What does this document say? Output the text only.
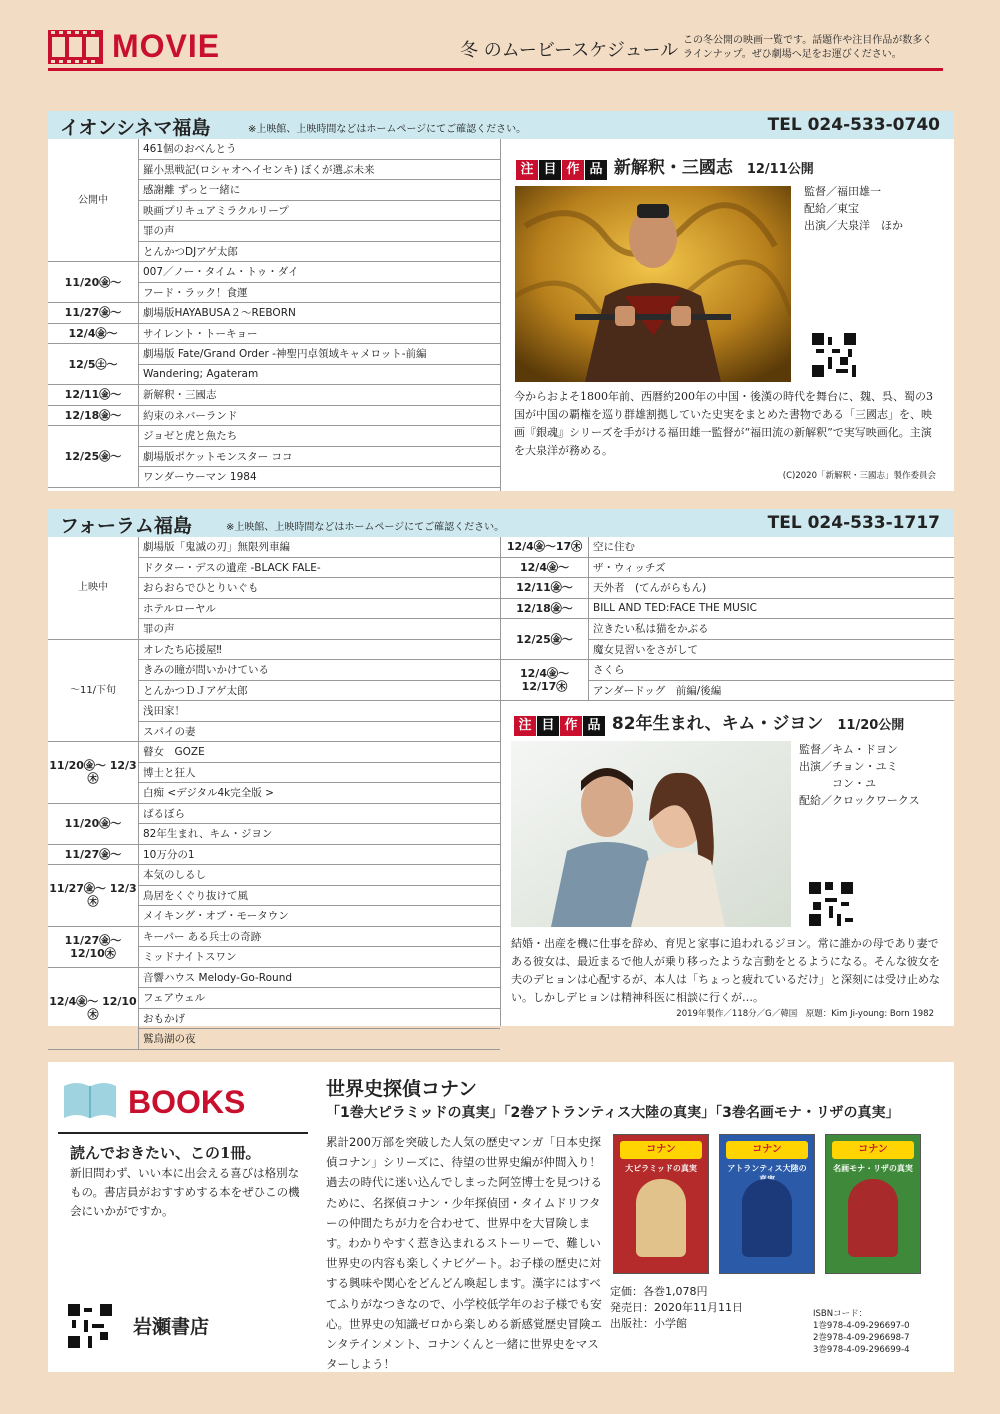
MOVIE	冬 のムービースケジュール この冬公開の映画一覧です。話題作や注目作品が数多く
ラインナップ。ぜひ劇場へ足をお運びください。
イオンシネマ福島	※上映館、上映時間などはホームページにてご確認ください。	TEL 024-533-0740
公開中	461個のおべんとう
	羅小黒戦記(ロシャオヘイセンキ) ぼくが選ぶ未来
	感謝離 ずっと一緒に
	映画プリキュアミラクルリープ
	罪の声
	とんかつDJアゲ太郎
11/20㊎〜	007／ノー・タイム・トゥ・ダイ
	フード・ラック！食運
11/27㊎〜	劇場版HAYABUSA２〜REBORN
12/4㊎〜	サイレント・トーキョー
12/5㊏〜	劇場版 Fate/Grand Order -神聖円卓領域キャメロット-前編
	Wandering; Agateram
12/11㊎〜	新解釈・三國志
12/18㊎〜	約束のネバーランド
12/25㊎〜	ジョゼと虎と魚たち
	劇場版ポケットモンスター ココ
	ワンダーウーマン 1984
注 目 作 品 新解釈・三國志 12/11公開
監督／福田雄一
配給／東宝
出演／大泉洋　ほか
今からおよそ1800年前、西暦約200年の中国・後漢の時代を舞台に、魏、呉、蜀の3国が中国の覇権を巡り群雄割拠していた史実をまとめた書物である「三國志」を、映画『銀魂』シリーズを手がける福田雄一監督が“福田流の新解釈”で実写映画化。主演を大泉洋が務める。
(C)2020「新解釈・三國志」製作委員会
フォーラム福島	※上映館、上映時間などはホームページにてご確認ください。	TEL 024-533-1717
上映中	劇場版「鬼滅の刃」無限列車編
	ドクター・デスの遺産 -BLACK FALE-
	おらおらでひとりいぐも
	ホテルローヤル
	罪の声
〜11/下旬	オレたち応援屋‼
	きみの瞳が問いかけている
	とんかつＤＪアゲ太郎
	浅田家！
	スパイの妻
11/20㊎〜 12/3㊍	瞽女　GOZE
	博士と狂人
	白痴 <デジタル4k完全版 >
11/20㊎〜	ばるぼら
	82年生まれ、キム・ジヨン
11/27㊎〜	10万分の1
11/27㊎〜 12/3㊍	本気のしるし
	鳥居をくぐり抜けて風
	メイキング・オブ・モータウン
11/27㊎〜 12/10㊍	キーパー ある兵士の奇跡
	ミッドナイトスワン
12/4㊎〜 12/10㊍	音響ハウス Melody-Go-Round
	フェアウェル
	おもかげ
	鷲鳥湖の夜
12/4㊎〜17㊍	空に住む
12/4㊎〜	ザ・ウィッチズ
12/11㊎〜	天外者　(てんがらもん)
12/18㊎〜	BILL AND TED:FACE THE MUSIC
12/25㊎〜	泣きたい私は猫をかぶる
	魔女見習いをさがして
12/4㊎〜 12/17㊍	さくら
	アンダードッグ　前編/後編
注 目 作 品 82年生まれ、キム・ジヨン 11/20公開
監督／キム・ドヨン
出演／チョン・ユミ
　　　コン・ユ
配給／クロックワークス
結婚・出産を機に仕事を辞め、育児と家事に追われるジヨン。常に誰かの母であり妻である彼女は、最近まるで他人が乗り移ったような言動をとるようになる。そんな彼女を夫のデヒョンは心配するが、本人は「ちょっと疲れているだけ」と深刻には受け止めない。しかしデヒョンは精神科医に相談に行くが…。
2019年製作／118分／G／韓国　原題：Kim Ji-young: Born 1982
BOOKS
読んでおきたい、この1冊。
新旧問わず、いい本に出会える喜びは格別なもの。書店員がおすすめする本をぜひこの機会にいかがですか。
岩瀬書店
世界史探偵コナン
「1巻大ピラミッドの真実」「2巻アトランティス大陸の真実」「3巻名画モナ・リザの真実」
累計200万部を突破した人気の歴史マンガ「日本史探偵コナン」シリーズに、待望の世界史編が仲間入り！過去の時代に迷い込んでしまった阿笠博士を見つけるために、名探偵コナン・少年探偵団・タイムドリフターの仲間たちが力を合わせて、世界中を大冒険します。わかりやすく惹き込まれるストーリーで、難しい世界史の内容も楽しくナビゲート。お子様の歴史に対する興味や関心をどんどん喚起します。漢字にはすべてふりがなつきなので、小学校低学年のお子様でも安心。世界史の知識ゼロから楽しめる新感覚歴史冒険エンタテインメント、コナンくんと一緒に世界史をマスターしよう！
コナン
大ピラミッドの真実
コナン
アトランティス大陸の
コナン
名画モナ・リザの真実
定価：各巻1,078円
発売日：2020年11月11日
出版社：小学館
ISBNコード：
1巻978-4-09-296697-0
2巻978-4-09-296698-7
3巻978-4-09-296699-4
